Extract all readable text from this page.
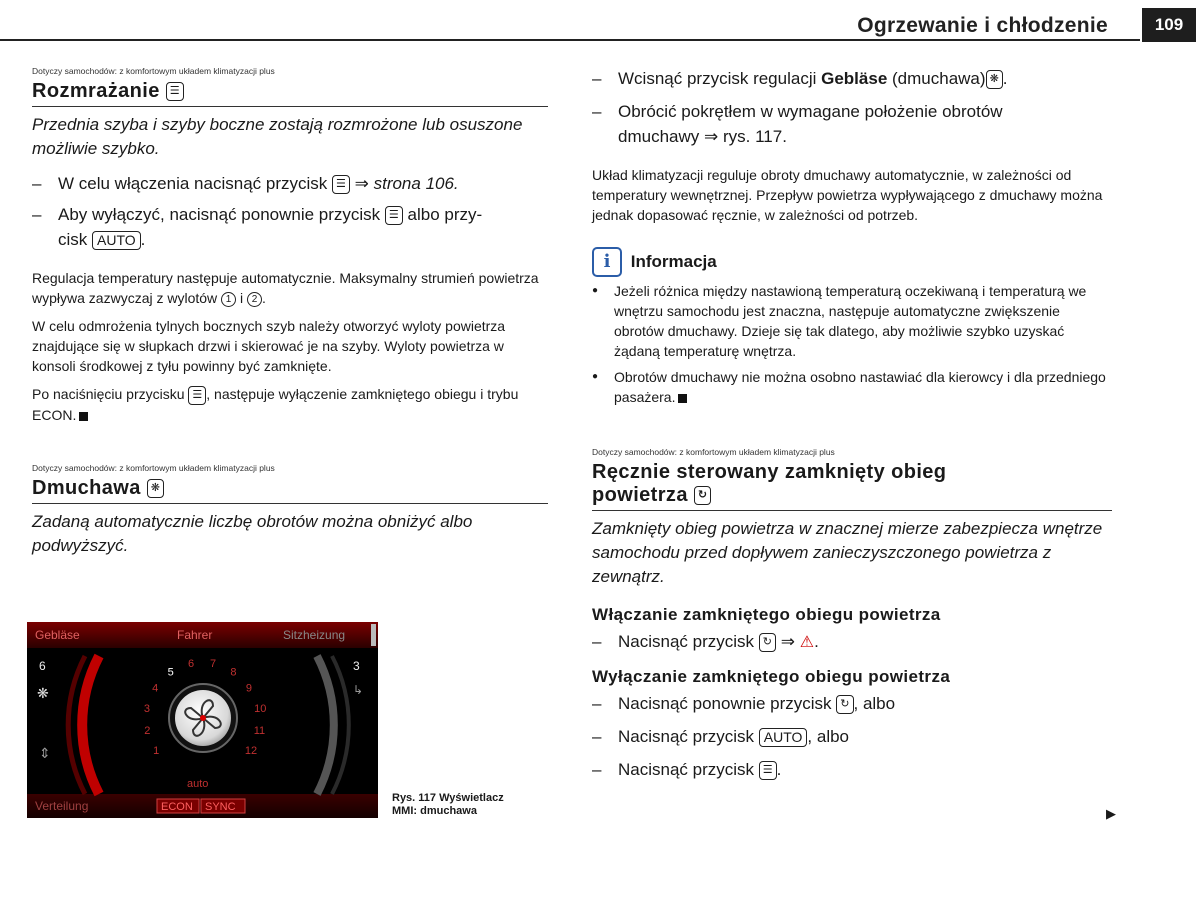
Ogrzewanie i chłodzenie	109

Dotyczy samochodów: z komfortowym układem klimatyzacji plus

Rozmrażanie ☰

Przednia szyba i szyby boczne zostają rozmrożone lub osuszone możliwie szybko.

– W celu włączenia nacisnąć przycisk ☰ ⇒ strona 106.

– Aby wyłączyć, nacisnąć ponownie przycisk ☰ albo przy-
cisk AUTO .

Regulacja temperatury następuje automatycznie. Maksymalny strumień powietrza wypływa zazwyczaj z wylotów 1 i 2 .

W celu odmrożenia tylnych bocznych szyb należy otworzyć wyloty powietrza znajdujące się w słupkach drzwi i skierować je na szyby. Wyloty powietrza w konsoli środkowej z tyłu powinny być zamknięte.

Po naciśnięciu przycisku ☰ , następuje wyłączenie zamkniętego obiegu i trybu ECON.

Dotyczy samochodów: z komfortowym układem klimatyzacji plus

Dmuchawa ❋

Zadaną automatycznie liczbę obrotów można obniżyć albo podwyższyć.

Gebläse	Fahrer	Sitzheizung
6
❋
⇕
3
↳
1
2
3
4
5
6 7
8
9
10
11
12
auto
Verteilung	ECON SYNC
Rys. 117 Wyświetlacz
MMI: dmuchawa

– Wcisnąć przycisk regulacji Gebläse (dmuchawa) ❋ .

– Obrócić pokrętłem w wymagane położenie obrotów
dmuchawy ⇒ rys. 117.

Układ klimatyzacji reguluje obroty dmuchawy automatycznie, w zależności od temperatury wewnętrznej. Przepływ powietrza wypływającego z dmuchawy można jednak dopasować ręcznie, w zależności od potrzeb.

i Informacja

● Jeżeli różnica między nastawioną temperaturą oczekiwaną i temperaturą we wnętrzu samochodu jest znaczna, następuje automatyczne zwiększenie obrotów dmuchawy. Dzieje się tak dlatego, aby możliwie szybko uzyskać żądaną temperaturę wnętrza.

● Obrotów dmuchawy nie można osobno nastawiać dla kierowcy i dla przedniego pasażera.

Dotyczy samochodów: z komfortowym układem klimatyzacji plus

Ręcznie sterowany zamknięty obieg
powietrza ↻

Zamknięty obieg powietrza w znacznej mierze zabezpiecza wnętrze samochodu przed dopływem zanieczyszczonego powietrza z zewnątrz.

Włączanie zamkniętego obiegu powietrza

– Nacisnąć przycisk ↻ ⇒ ⚠.

Wyłączanie zamkniętego obiegu powietrza

– Nacisnąć ponownie przycisk ↻ , albo

– Nacisnąć przycisk AUTO , albo

– Nacisnąć przycisk ☰ .

▶
